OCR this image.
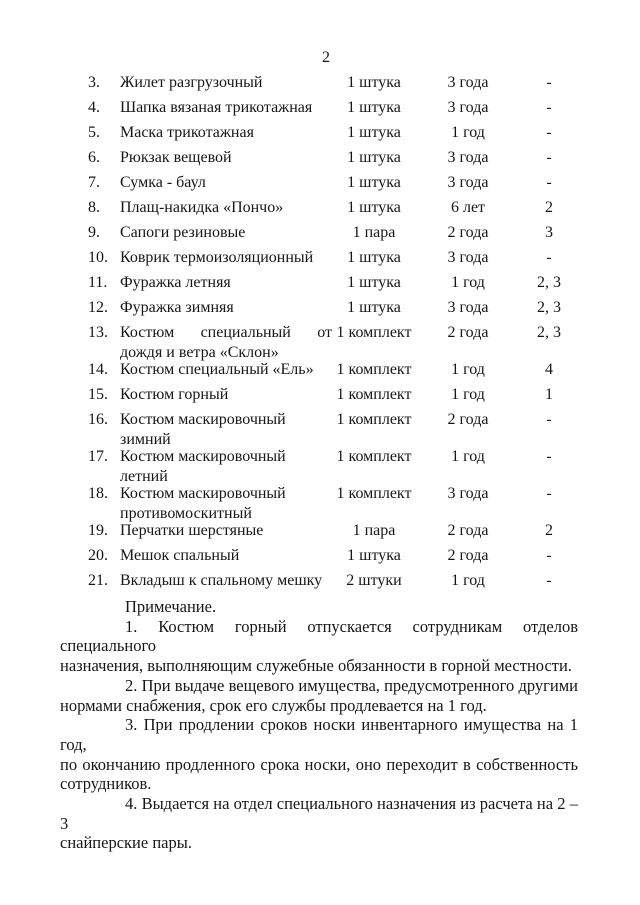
2
3.	Жилет разгрузочный	1 штука	3 года	-
4.	Шапка вязаная трикотажная	1 штука	3 года	-
5.	Маска трикотажная	1 штука	1 год	-
6.	Рюкзак вещевой	1 штука	3 года	-
7.	Сумка - баул	1 штука	3 года	-
8.	Плащ-накидка «Пончо»	1 штука	6 лет	2
9.	Сапоги резиновые	1 пара	2 года	3
10. Коврик термоизоляционный	1 штука	3 года	-
11. Фуражка летняя	1 штука	1 год	2, 3
12. Фуражка зимняя	1 штука	3 года	2, 3
13. Костюм специальный от
дождя и ветра «Склон»
1 комплект	2 года	2, 3
14. Костюм специальный «Ель»	1 комплект	1 год	4
15. Костюм горный	1 комплект	1 год	1
16. Костюм маскировочный
зимний
1 комплект	2 года	-
17. Костюм маскировочный
летний
1 комплект	1 год	-
18. Костюм маскировочный
противомоскитный
1 комплект	3 года	-
19. Перчатки шерстяные	1 пара	2 года	2
20. Мешок спальный	1 штука	2 года	-
21. Вкладыш к спальному мешку	2 штуки	1 год	-
Примечание.
1. Костюм горный отпускается сотрудникам отделов специального
назначения, выполняющим служебные обязанности в горной местности.
2. При выдаче вещевого имущества, предусмотренного другими
нормами снабжения, срок его службы продлевается на 1 год.
3. При продлении сроков носки инвентарного имущества на 1 год,
по окончанию продленного срока носки, оно переходит в собственность
сотрудников.
4. Выдается на отдел специального назначения из расчета на 2 – 3
снайперские пары.
